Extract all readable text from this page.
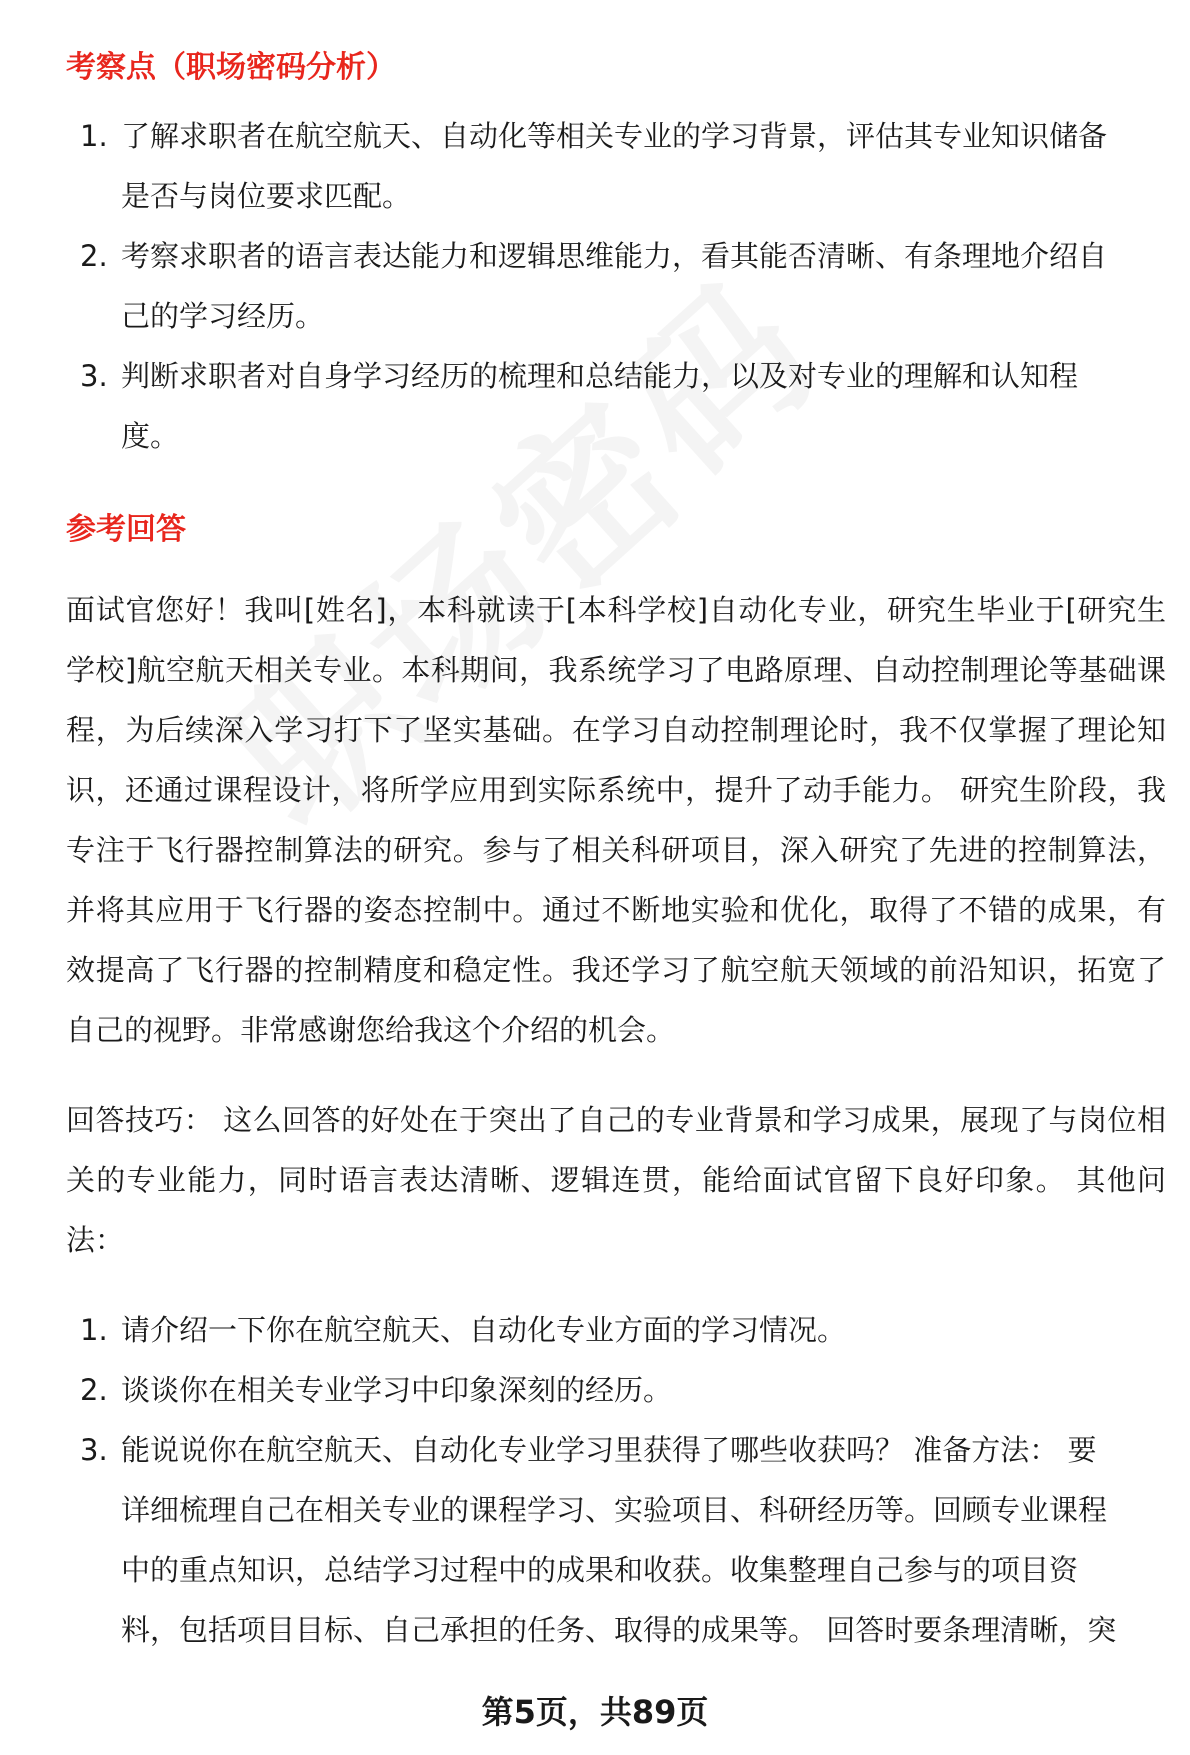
考察点（职场密码分析）
1. 了解求职者在航空航天、自动化等相关专业的学习背景，评估其专业知识储备是否与岗位要求匹配。
2. 考察求职者的语言表达能力和逻辑思维能力，看其能否清晰、有条理地介绍自己的学习经历。
3. 判断求职者对自身学习经历的梳理和总结能力，以及对专业的理解和认知程度。
参考回答

面试官您好！我叫[姓名]，本科就读于[本科学校]自动化专业，研究生毕业于[研究生学校]航空航天相关专业。本科期间，我系统学习了电路原理、自动控制理论等基础课程，为后续深入学习打下了坚实基础。在学习自动控制理论时，我不仅掌握了理论知识，还通过课程设计，将所学应用到实际系统中，提升了动手能力。 研究生阶段，我专注于飞行器控制算法的研究。参与了相关科研项目，深入研究了先进的控制算法，并将其应用于飞行器的姿态控制中。通过不断地实验和优化，取得了不错的成果，有效提高了飞行器的控制精度和稳定性。我还学习了航空航天领域的前沿知识，拓宽了自己的视野。非常感谢您给我这个介绍的机会。

回答技巧： 这么回答的好处在于突出了自己的专业背景和学习成果，展现了与岗位相关的专业能力，同时语言表达清晰、逻辑连贯，能给面试官留下良好印象。 其他问法：

1. 请介绍一下你在航空航天、自动化专业方面的学习情况。
2. 谈谈你在相关专业学习中印象深刻的经历。
3. 能说说你在航空航天、自动化专业学习里获得了哪些收获吗？ 准备方法： 要详细梳理自己在相关专业的课程学习、实验项目、科研经历等。回顾专业课程中的重点知识，总结学习过程中的成果和收获。收集整理自己参与的项目资料，包括项目目标、自己承担的任务、取得的成果等。 回答时要条理清晰，突
第5页，共89页
